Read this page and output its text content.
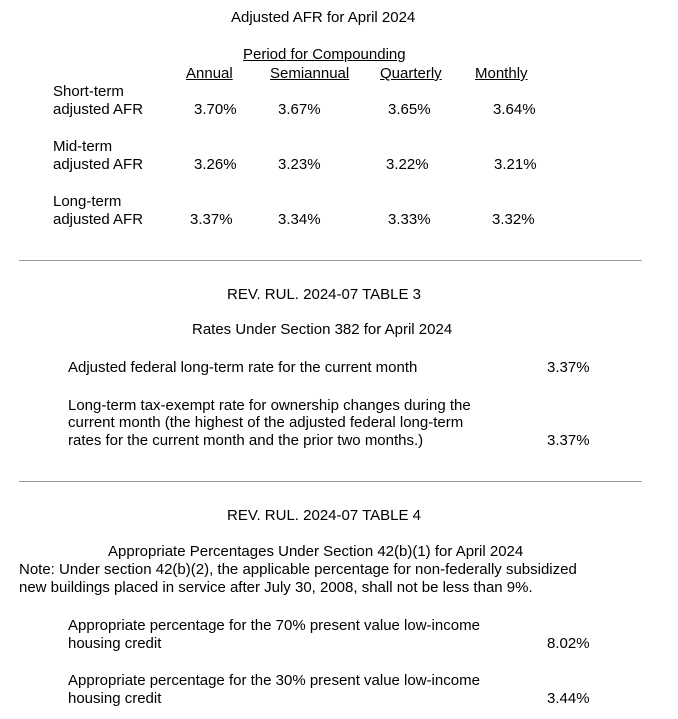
Adjusted AFR for April 2024
Period for Compounding
Annual Semiannual Quarterly Monthly
Short-term
adjusted AFR	3.70%	3.67%	3.65%	3.64%
Mid-term
adjusted AFR	3.26%	3.23%	3.22%	3.21%
Long-term
adjusted AFR	3.37%	3.34%	3.33%	3.32%
REV. RUL. 2024-07 TABLE 3
Rates Under Section 382 for April 2024
Adjusted federal long-term rate for the current month	3.37%
Long-term tax-exempt rate for ownership changes during the
current month (the highest of the adjusted federal long-term
rates for the current month and the prior two months.)	3.37%
REV. RUL. 2024-07 TABLE 4
Appropriate Percentages Under Section 42(b)(1) for April 2024
Note: Under section 42(b)(2), the applicable percentage for non-federally subsidized
new buildings placed in service after July 30, 2008, shall not be less than 9%.
Appropriate percentage for the 70% present value low-income
housing credit	8.02%
Appropriate percentage for the 30% present value low-income
housing credit	3.44%
